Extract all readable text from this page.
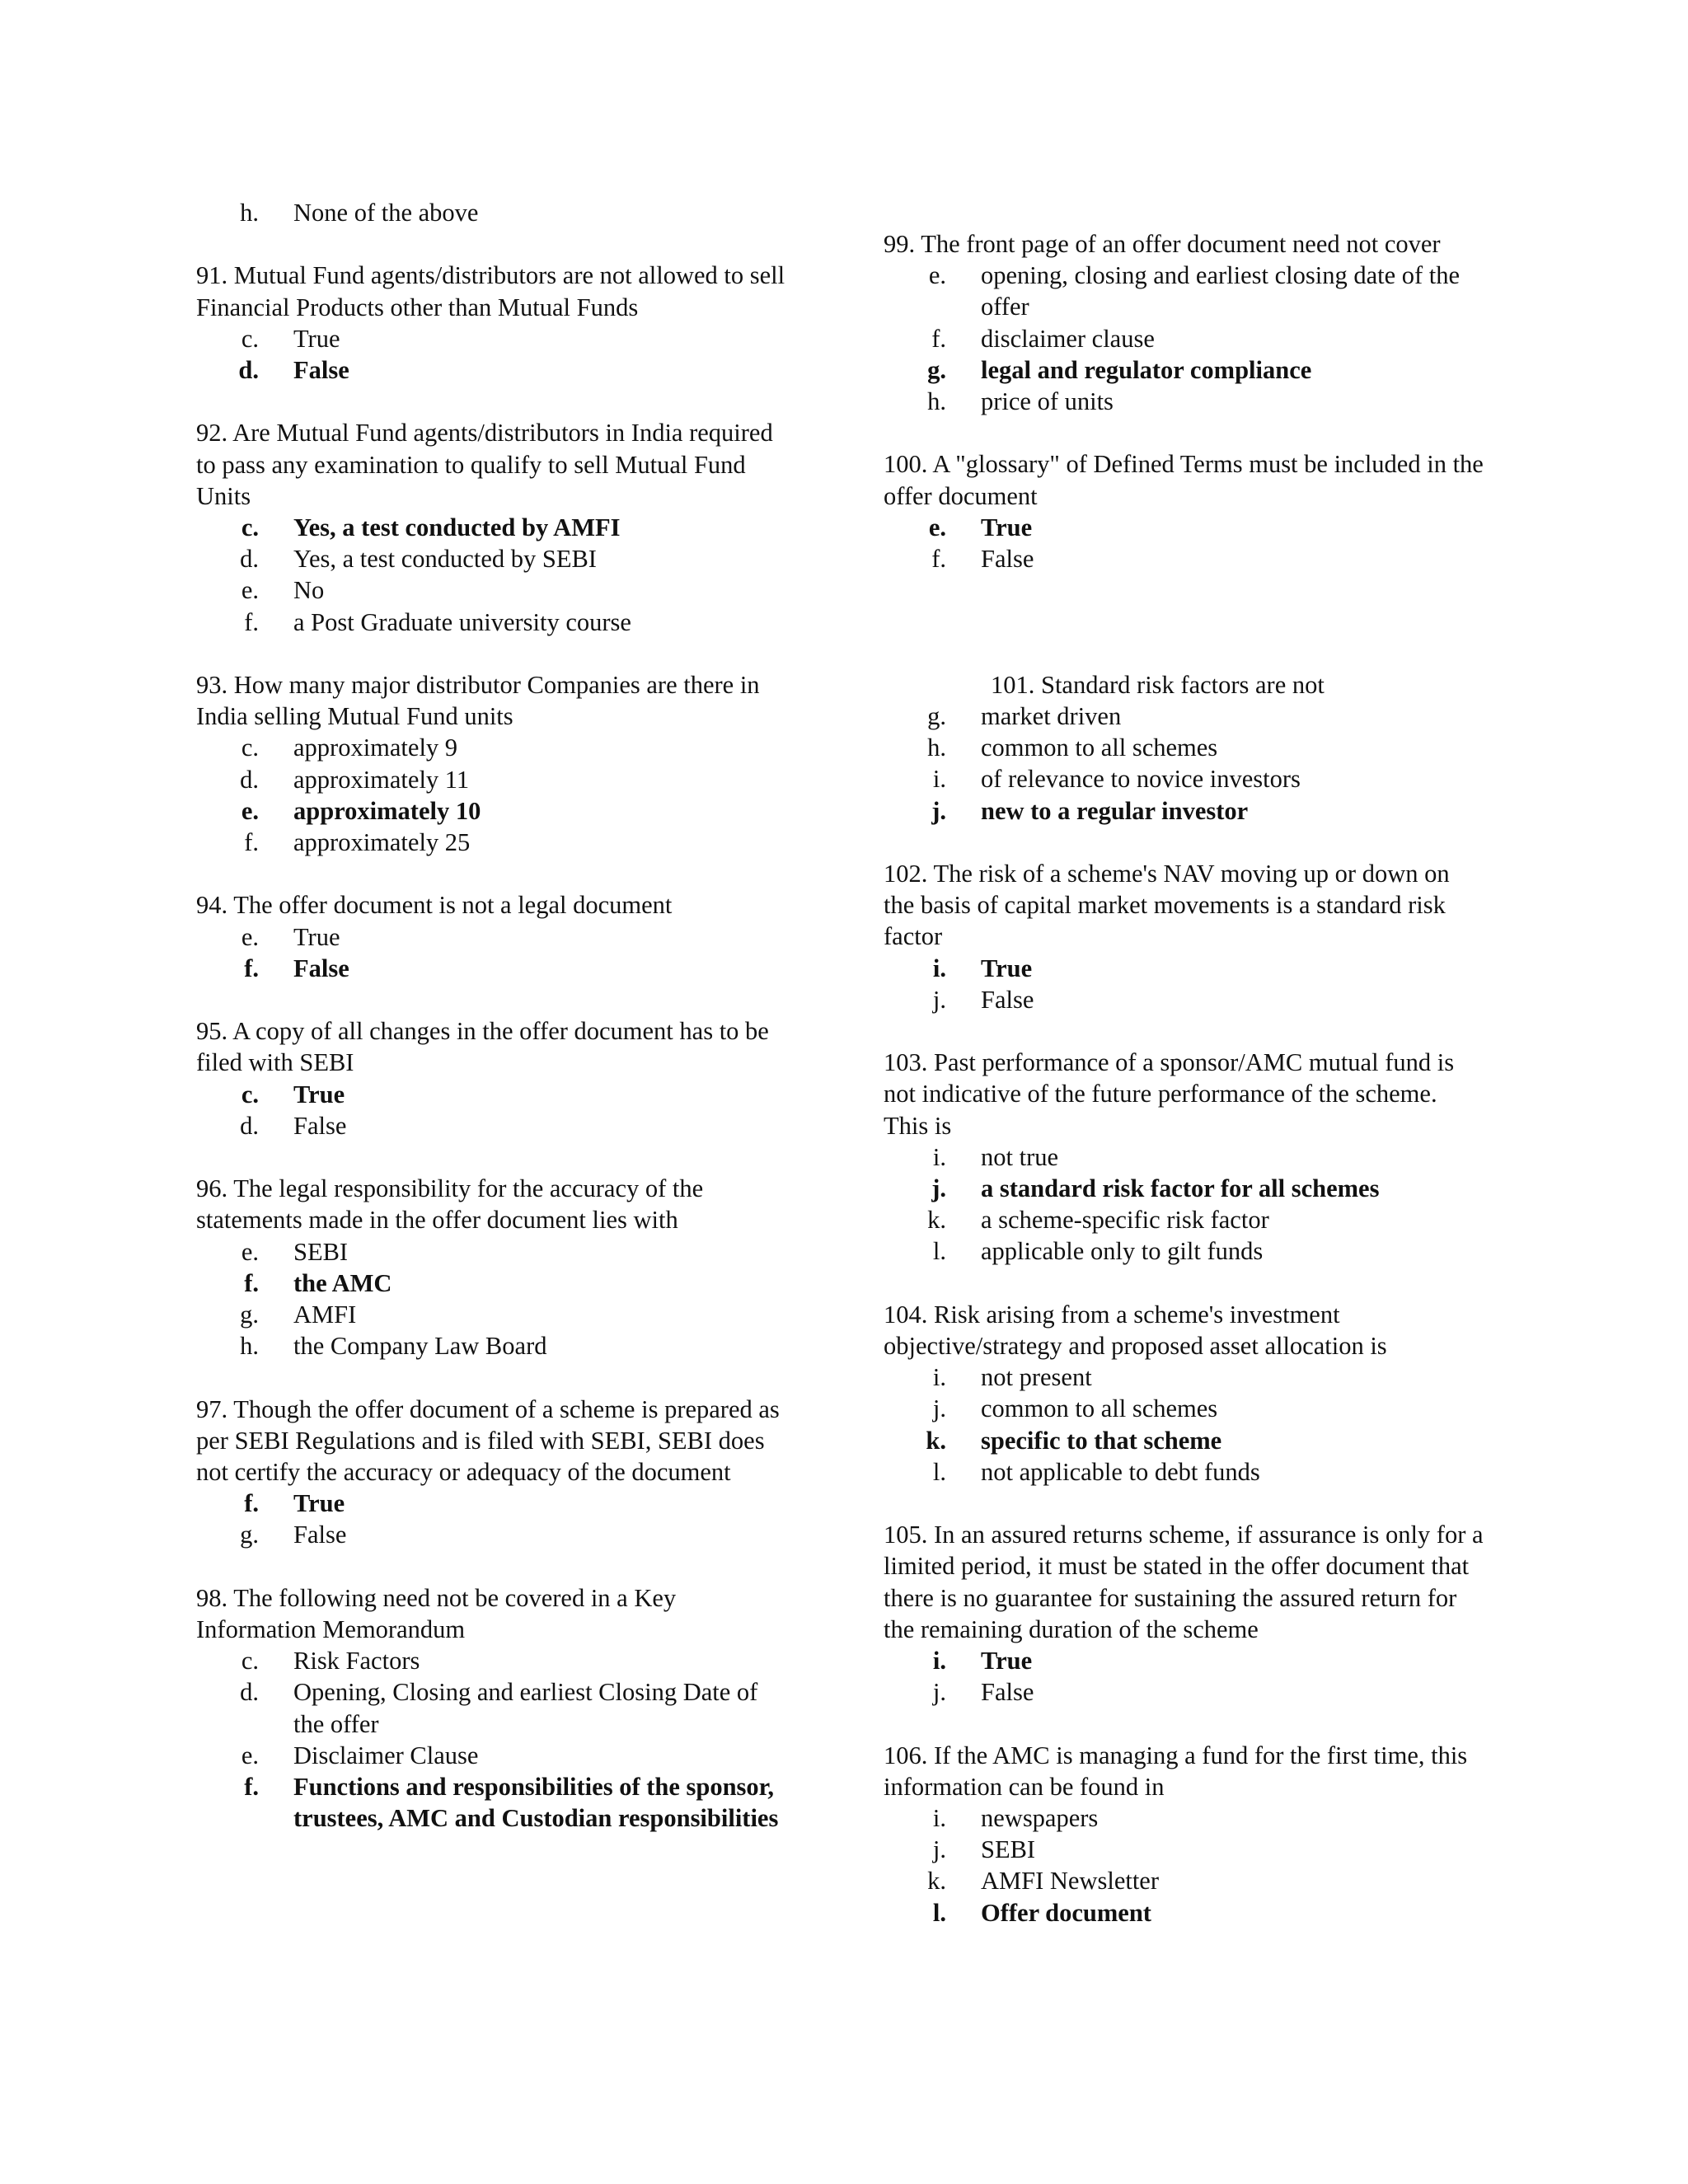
h.	None of the above
91. Mutual Fund agents/distributors are not allowed to sell Financial Products other than Mutual Funds
c.	True
d.	False
92. Are Mutual Fund agents/distributors in India required to pass any examination to qualify to sell Mutual Fund Units
c.	Yes, a test conducted by AMFI
d.	Yes, a test conducted by SEBI
e.	No
f.	a Post Graduate university course
93. How many major distributor Companies are there in India selling Mutual Fund units
c.	approximately 9
d.	approximately 11
e.	approximately 10
f.	approximately 25
94. The offer document is not a legal document
e.	True
f.	False
95. A copy of all changes in the offer document has to be filed with SEBI
c.	True
d.	False
96. The legal responsibility for the accuracy of the statements made in the offer document lies with
e.	SEBI
f.	the AMC
g.	AMFI
h.	the Company Law Board
97. Though the offer document of a scheme is prepared as per SEBI Regulations and is filed with SEBI, SEBI does not certify the accuracy or adequacy of the document
f.	True
g.	False
98. The following need not be covered in a Key Information Memorandum
c.	Risk Factors
d.	Opening, Closing and earliest Closing Date of the offer
e.	Disclaimer Clause
f.	Functions and responsibilities of the sponsor, trustees, AMC and Custodian responsibilities
99. The front page of an offer document need not cover
e.	opening, closing and earliest closing date of the offer
f.	disclaimer clause
g.	legal and regulator compliance
h.	price of units
100. A "glossary" of Defined Terms must be included in the offer document
e.	True
f.	False
101. Standard risk factors are not
g.	market driven
h.	common to all schemes
i.	of relevance to novice investors
j.	new to a regular investor
102. The risk of a scheme's NAV moving up or down on the basis of capital market movements is a standard risk factor
i.	True
j.	False
103. Past performance of a sponsor/AMC mutual fund is not indicative of the future performance of the scheme. This is
i.	not true
j.	a standard risk factor for all schemes
k.	a scheme-specific risk factor
l.	applicable only to gilt funds
104. Risk arising from a scheme's investment objective/strategy and proposed asset allocation is
i.	not present
j.	common to all schemes
k.	specific to that scheme
l.	not applicable to debt funds
105. In an assured returns scheme, if assurance is only for a limited period, it must be stated in the offer document that there is no guarantee for sustaining the assured return for the remaining duration of the scheme
i.	True
j.	False
106. If the AMC is managing a fund for the first time, this information can be found in
i.	newspapers
j.	SEBI
k.	AMFI Newsletter
l.	Offer document
